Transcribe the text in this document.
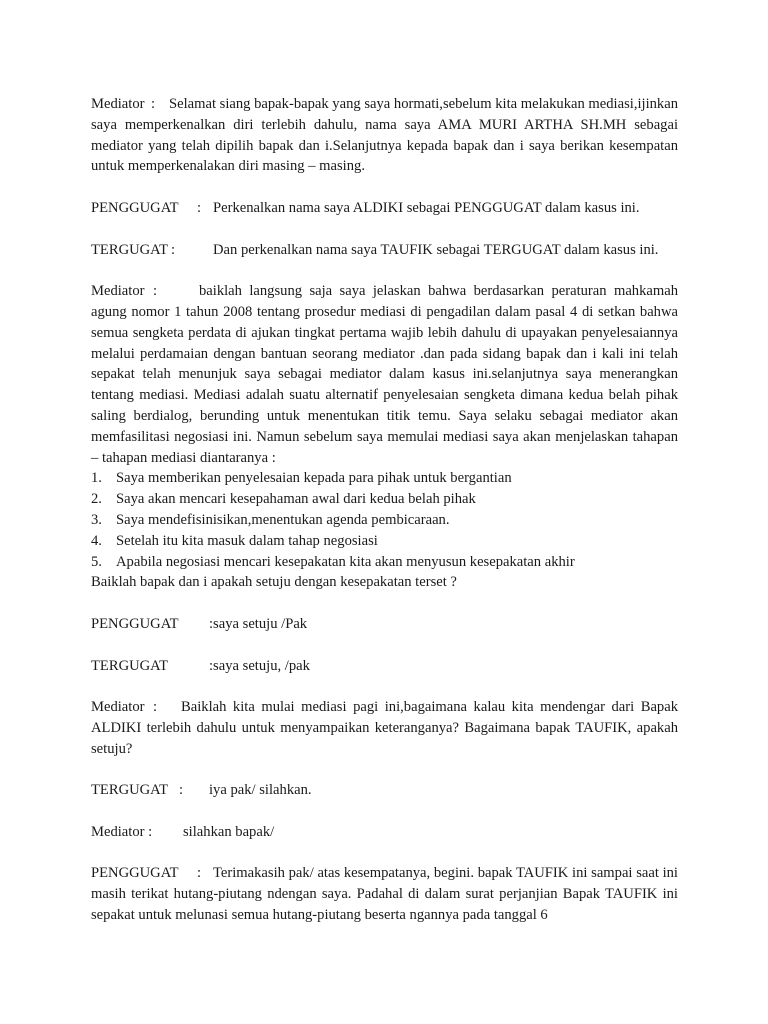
Mediator : Selamat siang bapak-bapak yang saya hormati,sebelum kita melakukan mediasi,ijinkan saya memperkenalkan diri terlebih dahulu, nama saya AMA MURI ARTHA SH.MH sebagai mediator yang telah dipilih bapak dan i.Selanjutnya kepada bapak dan i saya berikan kesempatan untuk memperkenalakan diri masing – masing.

PENGGUGAT : Perkenalkan nama saya ALDIKI sebagai PENGGUGAT dalam kasus ini.

TERGUGAT :	Dan perkenalkan nama saya TAUFIK sebagai TERGUGAT dalam kasus ini.

Mediator :	baiklah langsung saja saya jelaskan bahwa berdasarkan peraturan mahkamah agung nomor 1 tahun 2008 tentang prosedur mediasi di pengadilan dalam pasal 4 di setkan bahwa semua sengketa perdata di ajukan tingkat pertama wajib lebih dahulu di upayakan penyelesaiannya melalui perdamaian dengan bantuan seorang mediator .dan pada sidang bapak dan i kali ini telah sepakat telah menunjuk saya sebagai mediator dalam kasus ini.selanjutnya saya menerangkan tentang mediasi. Mediasi adalah suatu alternatif penyelesaian sengketa dimana kedua belah pihak saling berdialog, berunding untuk menentukan titik temu. Saya selaku sebagai mediator akan memfasilitasi negosiasi ini. Namun sebelum saya memulai mediasi saya akan menjelaskan tahapan – tahapan mediasi diantaranya :

1. Saya memberikan penyelesaian kepada para pihak untuk bergantian
2. Saya akan mencari kesepahaman awal dari kedua belah pihak
3. Saya mendefisinisikan,menentukan agenda pembicaraan.
4. Setelah itu kita masuk dalam tahap negosiasi
5. Apabila negosiasi mencari kesepakatan kita akan menyusun kesepakatan akhir

Baiklah bapak dan i apakah setuju dengan kesepakatan terset ?

PENGGUGAT :saya setuju /Pak

TERGUGAT	:saya setuju, /pak

Mediator : Baiklah kita mulai mediasi pagi ini,bagaimana kalau kita mendengar dari Bapak ALDIKI terlebih dahulu untuk menyampaikan keteranganya? Bagaimana bapak TAUFIK, apakah setuju?

TERGUGAT : iya pak/ silahkan.

Mediator : silahkan bapak/

PENGGUGAT : Terimakasih pak/ atas kesempatanya, begini. bapak TAUFIK ini sampai saat ini masih terikat hutang-piutang ndengan saya. Padahal di dalam surat perjanjian Bapak TAUFIK ini sepakat untuk melunasi semua hutang-piutang beserta ngannya pada tanggal 6
